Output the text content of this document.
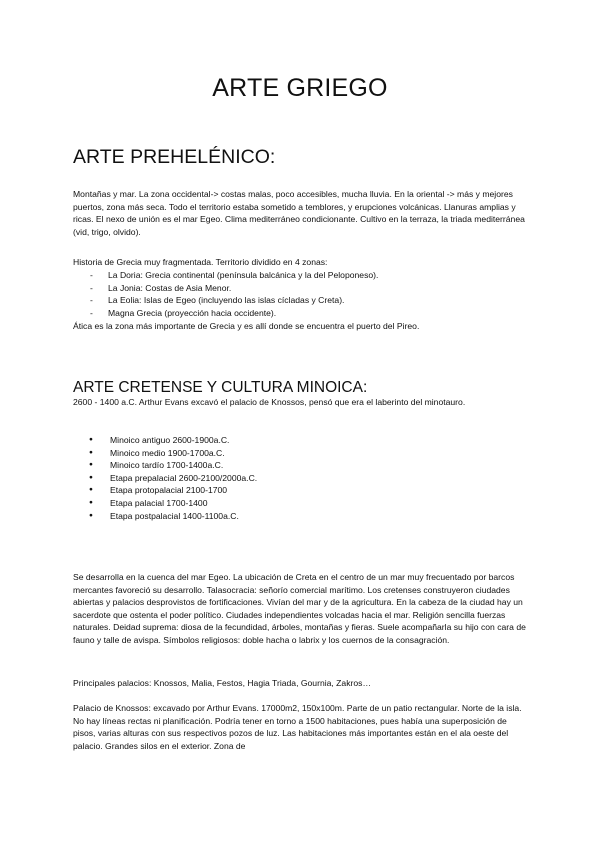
ARTE GRIEGO
ARTE PREHELÉNICO:

Montañas y mar. La zona occidental-> costas malas, poco accesibles, mucha lluvia. En la oriental -> más y mejores puertos, zona más seca. Todo el territorio estaba sometido a temblores, y erupciones volcánicas. Llanuras amplias y ricas. El nexo de unión es el mar Egeo. Clima mediterráneo condicionante. Cultivo en la terraza, la triada mediterránea (vid, trigo, olvido).

Historia de Grecia muy fragmentada. Territorio dividido en 4 zonas:

- La Doria: Grecia continental (península balcánica y la del Peloponeso).
- La Jonia: Costas de Asia Menor.
- La Eolia: Islas de Egeo (incluyendo las islas cícladas y Creta).
- Magna Grecia (proyección hacia occidente).

Ática es la zona más importante de Grecia y es allí donde se encuentra el puerto del Pireo.

ARTE CRETENSE Y CULTURA MINOICA:

2600 - 1400 a.C. Arthur Evans excavó el palacio de Knossos, pensó que era el laberinto del minotauro.

● Minoico antiguo 2600-1900a.C.
● Minoico medio 1900-1700a.C.
● Minoico tardío 1700-1400a.C.
● Etapa prepalacial 2600-2100/2000a.C.
● Etapa protopalacial 2100-1700
● Etapa palacial 1700-1400
● Etapa postpalacial 1400-1100a.C.

Se desarrolla en la cuenca del mar Egeo. La ubicación de Creta en el centro de un mar muy frecuentado por barcos mercantes favoreció su desarrollo. Talasocracia: señorío comercial marítimo. Los cretenses construyeron ciudades abiertas y palacios desprovistos de fortificaciones. Vivían del mar y de la agricultura. En la cabeza de la ciudad hay un sacerdote que ostenta el poder político. Ciudades independientes volcadas hacia el mar. Religión sencilla fuerzas naturales. Deidad suprema: diosa de la fecundidad, árboles, montañas y fieras. Suele acompañarla su hijo con cara de fauno y talle de avispa. Símbolos religiosos: doble hacha o labrix y los cuernos de la consagración.

Principales palacios: Knossos, Malia, Festos, Hagia Triada, Gournia, Zakros…

Palacio de Knossos: excavado por Arthur Evans. 17000m2, 150x100m. Parte de un patio rectangular. Norte de la isla. No hay líneas rectas ni planificación. Podría tener en torno a 1500 habitaciones, pues había una superposición de pisos, varias alturas con sus respectivos pozos de luz. Las habitaciones más importantes están en el ala oeste del palacio. Grandes silos en el exterior. Zona de
